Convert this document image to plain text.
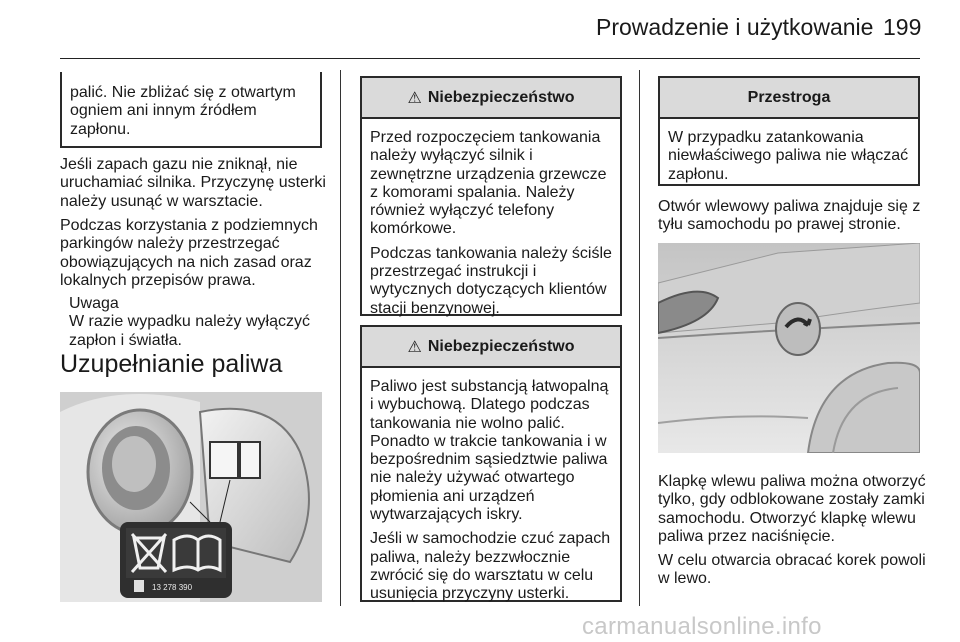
Prowadzenie i użytkowanie 199
palić. Nie zbliżać się z otwartym
ogniem ani innym źródłem
zapłonu.
Jeśli zapach gazu nie zniknął, nie
uruchamiać silnika. Przyczynę usterki
należy usunąć w warsztacie.
Podczas korzystania z podziemnych
parkingów należy przestrzegać
obowiązujących na nich zasad oraz
lokalnych przepisów prawa.
Uwaga
W razie wypadku należy wyłączyć
zapłon i światła.
Uzupełnianie paliwa
13 278 390
⚠ Niebezpieczeństwo
Przed rozpoczęciem tankowania
należy wyłączyć silnik i
zewnętrzne urządzenia grzewcze
z komorami spalania. Należy
również wyłączyć telefony
komórkowe.
Podczas tankowania należy ściśle
przestrzegać instrukcji i
wytycznych dotyczących klientów
stacji benzynowej.
⚠ Niebezpieczeństwo
Paliwo jest substancją łatwopalną
i wybuchową. Dlatego podczas
tankowania nie wolno palić.
Ponadto w trakcie tankowania i w
bezpośrednim sąsiedztwie paliwa
nie należy używać otwartego
płomienia ani urządzeń
wytwarzających iskry.
Jeśli w samochodzie czuć zapach
paliwa, należy bezzwłocznie
zwrócić się do warsztatu w celu
usunięcia przyczyny usterki.
Przestroga
W przypadku zatankowania
niewłaściwego paliwa nie włączać
zapłonu.
Otwór wlewowy paliwa znajduje się z
tyłu samochodu po prawej stronie.
Klapkę wlewu paliwa można otworzyć
tylko, gdy odblokowane zostały zamki
samochodu. Otworzyć klapkę wlewu
paliwa przez naciśnięcie.
W celu otwarcia obracać korek powoli
w lewo.
carmanualsonline.info
